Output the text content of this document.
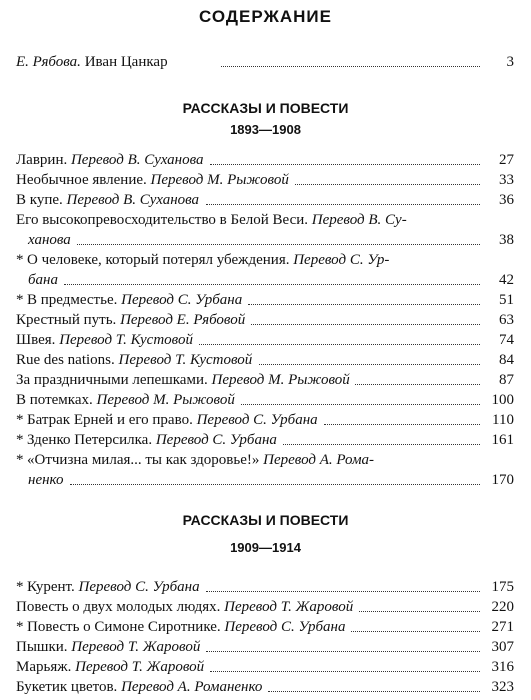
СОДЕРЖАНИЕ
Е. Рябова. Иван Цанкар	3
РАССКАЗЫ И ПОВЕСТИ
1893—1908
РАССКАЗЫ И ПОВЕСТИ
1909—1914
Лаврин. Перевод В. Суханова	27
Необычное явление. Перевод М. Рыжовой	33
В купе. Перевод В. Суханова	36
Его высокопревосходительство в Белой Веси. Перевод В. Су-
ханова	38
* О человеке, который потерял убеждения. Перевод С. Ур-
бана	42
* В предместье. Перевод С. Урбана	51
Крестный путь. Перевод Е. Рябовой	63
Швея. Перевод Т. Кустовой	74
Rue des nations. Перевод Т. Кустовой	84
За праздничными лепешками. Перевод М. Рыжовой	87
В потемках. Перевод М. Рыжовой	100
* Батрак Ерней и его право. Перевод С. Урбана	110
* Зденко Петерсилка. Перевод С. Урбана	161
* «Отчизна милая... ты как здоровье!» Перевод А. Рома-
ненко	170
* Курент. Перевод С. Урбана	175
Повесть о двух молодых людях. Перевод Т. Жаровой	220
* Повесть о Симоне Сиротнике. Перевод С. Урбана	271
Пышки. Перевод Т. Жаровой	307
Марьяж. Перевод Т. Жаровой	316
Букетик цветов. Перевод А. Романенко	323
